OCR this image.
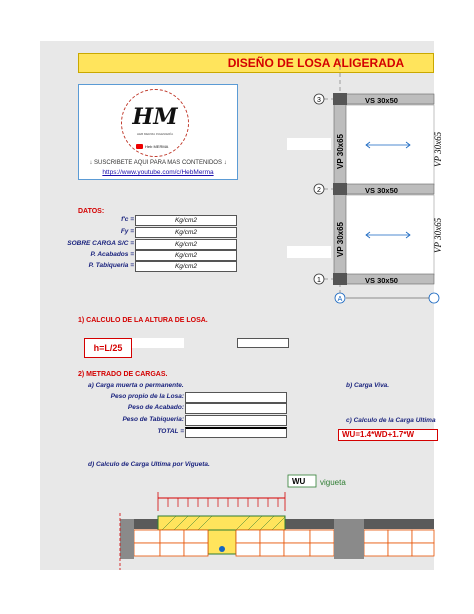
DISEÑO DE LOSA ALIGERADA
HM
HEB MERMA INGENIERÍA
Heb MERMA
↓ SUSCRIBETE AQUI PARA MAS CONTENIDOS ↓
https://www.youtube.com/c/HebMerma
3
2
1
A
VS 30x50
VS 30x50
VS 30x50
VP 30x65
VP 30x65
VP 30x65
VP 30x65
DATOS:
f'c =	Kg/cm2
Fy =	Kg/cm2
SOBRE CARGA S/C =	Kg/cm2
P. Acabados =	Kg/cm2
P. Tabiqueria =	Kg/cm2
1) CALCULO DE LA ALTURA DE LOSA.
h=L/25
2) METRADO DE CARGAS.
a) Carga muerta o permanente.	b) Carga Viva.
Peso propio de la Losa:
Peso de Acabado:
Peso de Tabiqueria:
TOTAL =
c) Calculo de la Carga Ultima
WU=1.4*WD+1.7*W
d) Calculo de Carga Ultima por Vigueta.
WU vigueta
